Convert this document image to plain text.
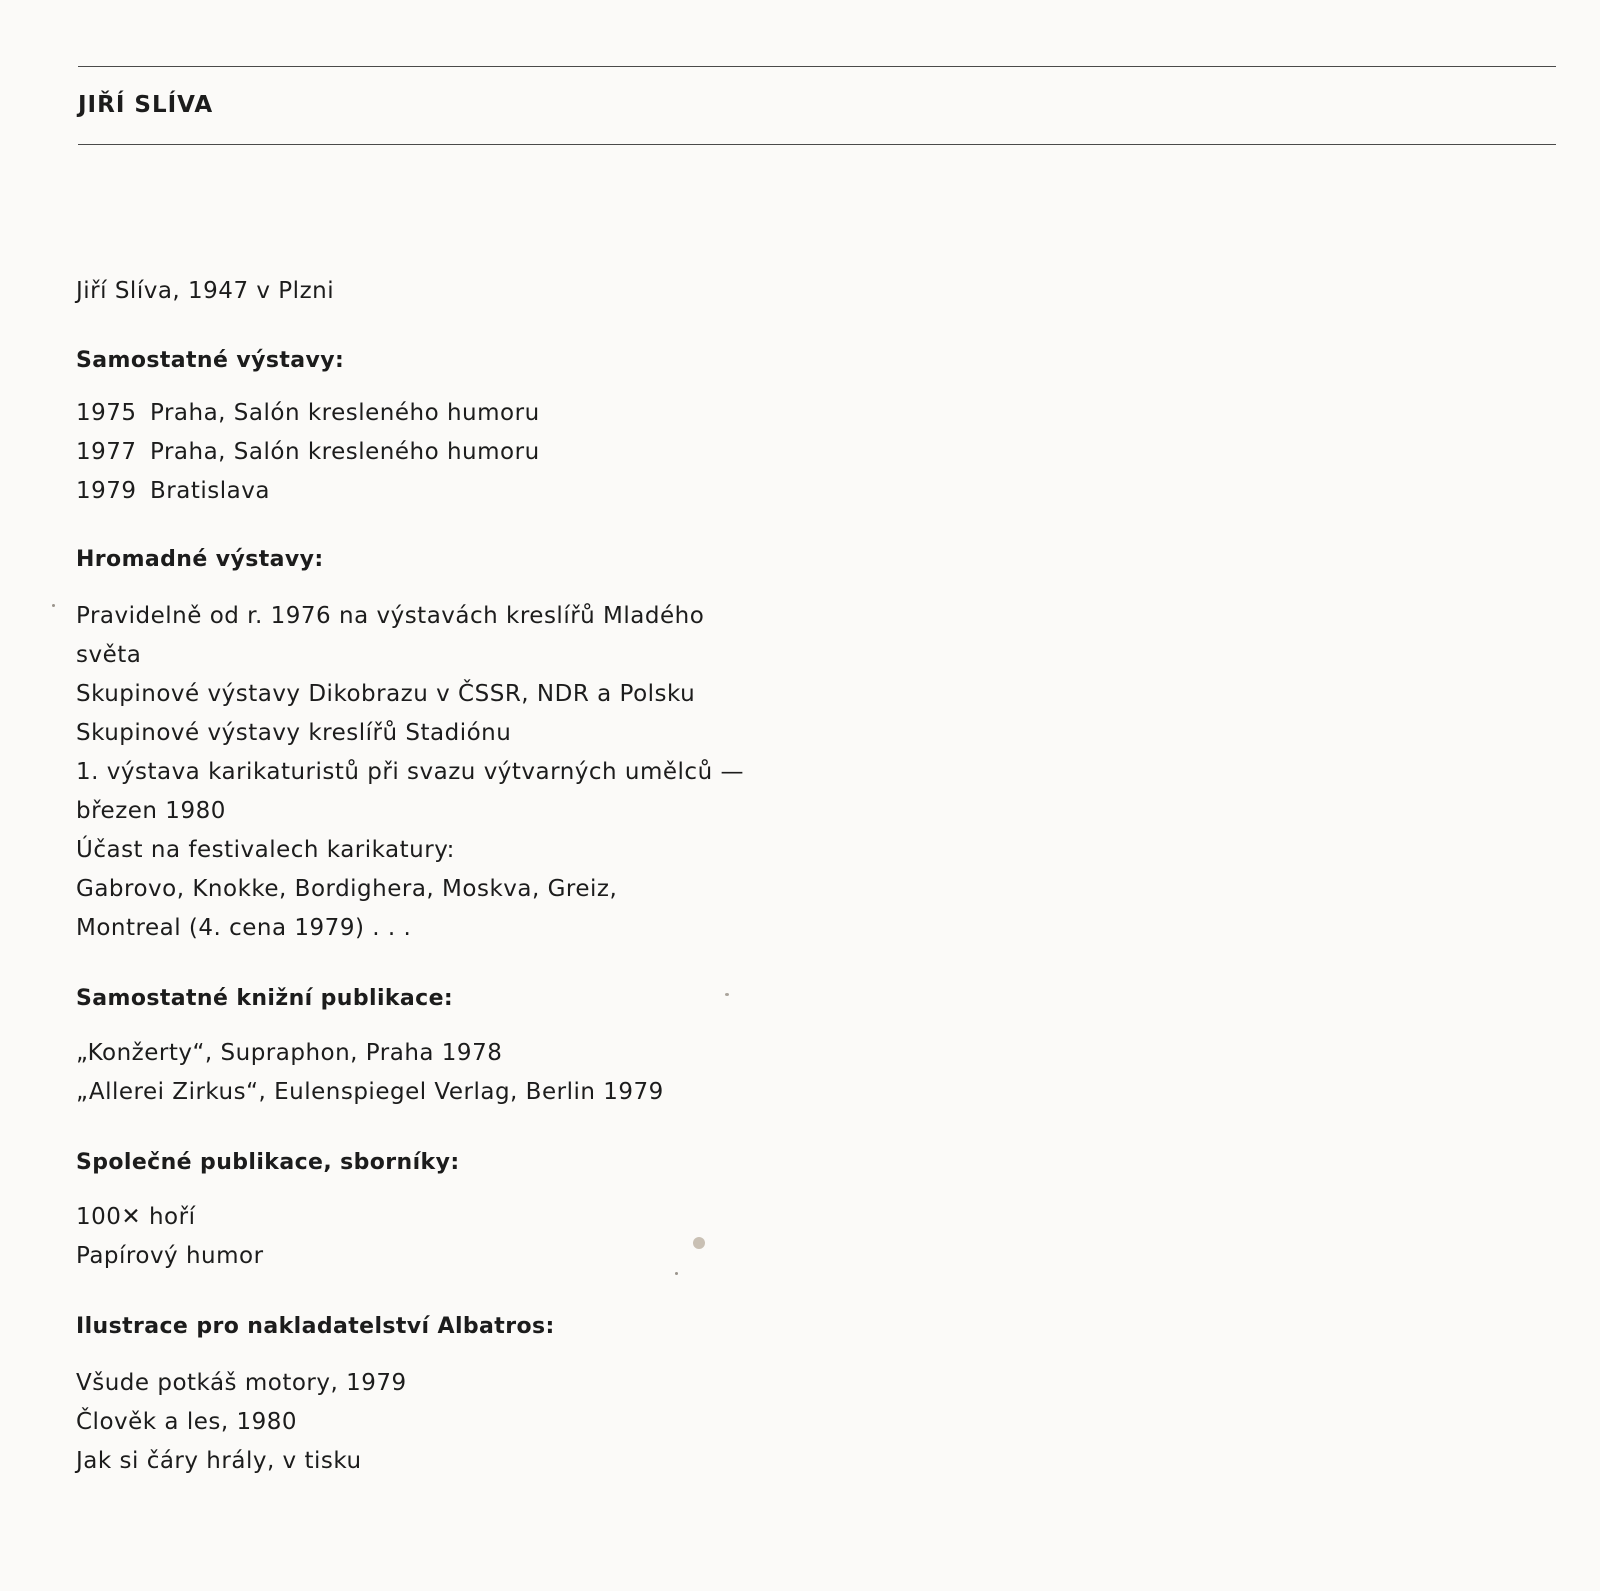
JIŘÍ SLÍVA

Jiří Slíva, 1947 v Plzni

Samostatné výstavy:

1975 Praha, Salón kresleného humoru

1977 Praha, Salón kresleného humoru

1979 Bratislava

Hromadné výstavy:

Pravidelně od r. 1976 na výstavách kreslířů Mladého

světa

Skupinové výstavy Dikobrazu v ČSSR, NDR a Polsku

Skupinové výstavy kreslířů Stadiónu

1. výstava karikaturistů při svazu výtvarných umělců —

březen 1980

Účast na festivalech karikatury:

Gabrovo, Knokke, Bordighera, Moskva, Greiz,

Montreal (4. cena 1979) . . .

Samostatné knižní publikace:

„Konžerty“, Supraphon, Praha 1978

„Allerei Zirkus“, Eulenspiegel Verlag, Berlin 1979

Společné publikace, sborníky:

100✕ hoří

Papírový humor

Ilustrace pro nakladatelství Albatros:

Všude potkáš motory, 1979

Člověk a les, 1980

Jak si čáry hrály, v tisku
